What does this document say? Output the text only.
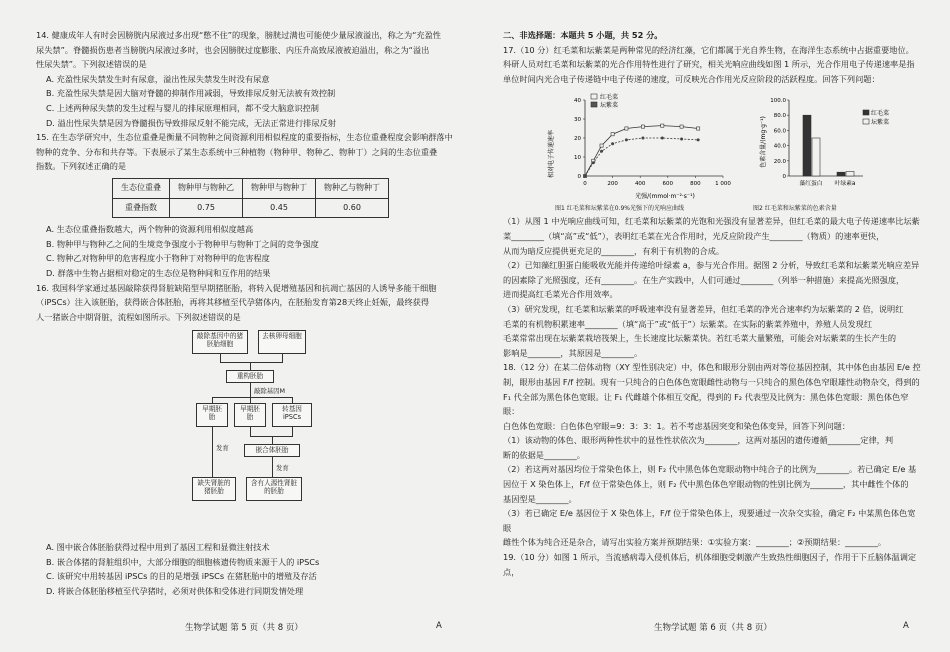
14. 健康成年人有时会因膀胱内尿液过多出现“憋不住”的现象，膀胱过满也可能使少量尿液溢出，称之为“充盈性

尿失禁”。脊髓损伤患者当膀胱内尿液过多时，也会因膀胱过度膨胀、内压升高致尿液被迫溢出，称之为“溢出

性尿失禁”。下列叙述错误的是

A. 充盈性尿失禁发生时有尿意，溢出性尿失禁发生时没有尿意

B. 充盈性尿失禁是因大脑对脊髓的抑制作用减弱，导致排尿反射无法被有效控制

C. 上述两种尿失禁的发生过程与婴儿的排尿原理相同，都不受大脑意识控制

D. 溢出性尿失禁是因为脊髓损伤导致排尿反射不能完成，无法正常进行排尿反射

15. 在生态学研究中，生态位重叠是衡量不同物种之间资源利用相似程度的重要指标，生态位重叠程度会影响群落中

物种的竞争、分布和共存等。下表展示了某生态系统中三种植物（物种甲、物种乙、物种丁）之间的生态位重叠

指数。下列叙述正确的是

生态位重叠	物种甲与物种乙	物种甲与物种丁	物种乙与物种丁
重叠指数	0.75	0.45	0.60

A. 生态位重叠指数越大，两个物种的资源利用相似度越高

B. 物种甲与物种乙之间的生境竞争强度小于物种甲与物种丁之间的竞争强度

C. 物种乙对物种甲的危害程度小于物种丁对物种甲的危害程度

D. 群落中生物占据相对稳定的生态位是物种间和互作用的结果

16. 我国科学家通过基因敲除获得肾脏缺陷型早期猪胚胎，将转入促增殖基因和抗凋亡基因的人诱导多能干细胞

（iPSCs）注入该胚胎，获得嵌合体胚胎，再将其移植至代孕猪体内，在胚胎发育第28天终止妊娠，最终获得

人一猪嵌合中期肾脏，流程如图所示。下列叙述错误的是

敲除基因中的猪胚胎细胞
去核卵母细胞
重构胚胎
敲除基因M
早期胚胎
早期胚胎
转基因iPSCs
发育	嵌合体胚胎
发育
缺失肾脏的猪胚胎
含有人源性肾脏的胚胎

A. 图中嵌合体胚胎获得过程中用到了基因工程和显微注射技术

B. 嵌合体猪的肾脏组织中，大部分细胞的细胞核遗传物质来源于人的 iPSCs

C. 该研究中用转基因 iPSCs 的目的是增强 iPSCs 在猪胚胎中的增殖及存活

D. 将嵌合体胚胎移植至代孕猪时，必须对供体和受体进行同期发情处理

生物学试题 第 5 页（共 8 页）	A

二、非选择题：本题共 5 小题，共 52 分。

17.（10 分）红毛菜和坛紫菜是两种常见的经济红藻，它们都属于光自养生物，在海洋生态系统中占据重要地位。

科研人员对红毛菜和坛紫菜的光合作用特性进行了研究，相关光响应曲线如图 1 所示，光合作用电子传递速率是指

单位时间内光合电子传递链中电子传递的速度，可反映光合作用光反应阶段的活跃程度。回答下列问题：

相对电子传递速率
光强/(mmol·m⁻²·s⁻¹)
0	200	400	600	800	1 000
0
10
20
30
40	红毛菜
坛紫菜
图1 红毛菜和坛紫菜在0.9%光强下的光响应曲线
色素含量/(mg·g⁻¹)
0
20.0
40.0
60.0
80.0
100.0
藻红蛋白 叶绿素a
红毛菜
坛紫菜
图2 红毛菜和坛紫菜的色素含量

（1）从图 1 中光响应曲线可知，红毛菜和坛紫菜的光饱和光强没有显著差异，但红毛菜的最大电子传递速率比坛紫

菜________（填“高”或“低”），表明红毛菜在光合作用时，光反应阶段产生________（物质）的速率更快，

从而为暗反应提供更充足的________，有利于有机物的合成。

（2）已知藻红胆蛋白能吸收光能并传递给叶绿素 a，参与光合作用。据图 2 分析，导致红毛菜和坛紫菜光响应差异

的因素除了光照强度，还有________。在生产实践中，人们可通过________（列举一种措施）来提高光照强度，

进而提高红毛菜光合作用效率。

（3）研究发现，红毛菜和坛紫菜的呼吸速率没有显著差异，但红毛菜的净光合速率约为坛紫菜的 2 倍，说明红

毛菜的有机物积累速率________（填“高于”或“低于”）坛紫菜。在实际的紫菜养殖中，养殖人员发现红

毛菜常常出现在坛紫菜栽培筏架上，生长速度比坛紫菜快。若红毛菜大量繁殖，可能会对坛紫菜的生长产生的

影响是________，其原因是________。

18.（12 分）在某二倍体动物（XY 型性别决定）中，体色和眼形分别由两对等位基因控制，其中体色由基因 E/e 控

制，眼形由基因 F/f 控制。现有一只纯合的白色体色宽眼雌性动物与一只纯合的黑色体色窄眼雄性动物杂交，得到的

F₁ 代全部为黑色体色宽眼。让 F₁ 代雌雄个体相互交配，得到的 F₂ 代表型及比例为：黑色体色宽眼：黑色体色窄眼：

白色体色宽眼：白色体色窄眼=9：3：3：1。若不考虑基因突变和染色体变异，回答下列问题：

（1）该动物的体色、眼形两种性状中的显性性状依次为________，这两对基因的遗传遵循________定律，判

断的依据是________。

（2）若这两对基因均位于常染色体上，则 F₂ 代中黑色体色宽眼动物中纯合子的比例为________。若已确定 E/e 基

因位于 X 染色体上，F/f 位于常染色体上，则 F₂ 代中黑色体色窄眼动物的性别比例为________，其中雌性个体的

基因型是________。

（3）若已确定 E/e 基因位于 X 染色体上，F/f 位于常染色体上，现要通过一次杂交实验，确定 F₂ 中某黑色体色宽眼

雌性个体为纯合还是杂合，请写出实验方案并预期结果：①实验方案：________；②预期结果：________。

19.（10 分）如图 1 所示，当流感病毒入侵机体后，机体细胞受刺激产生致热性细胞因子，作用于下丘脑体温调定点，

生物学试题 第 6 页（共 8 页）	A
